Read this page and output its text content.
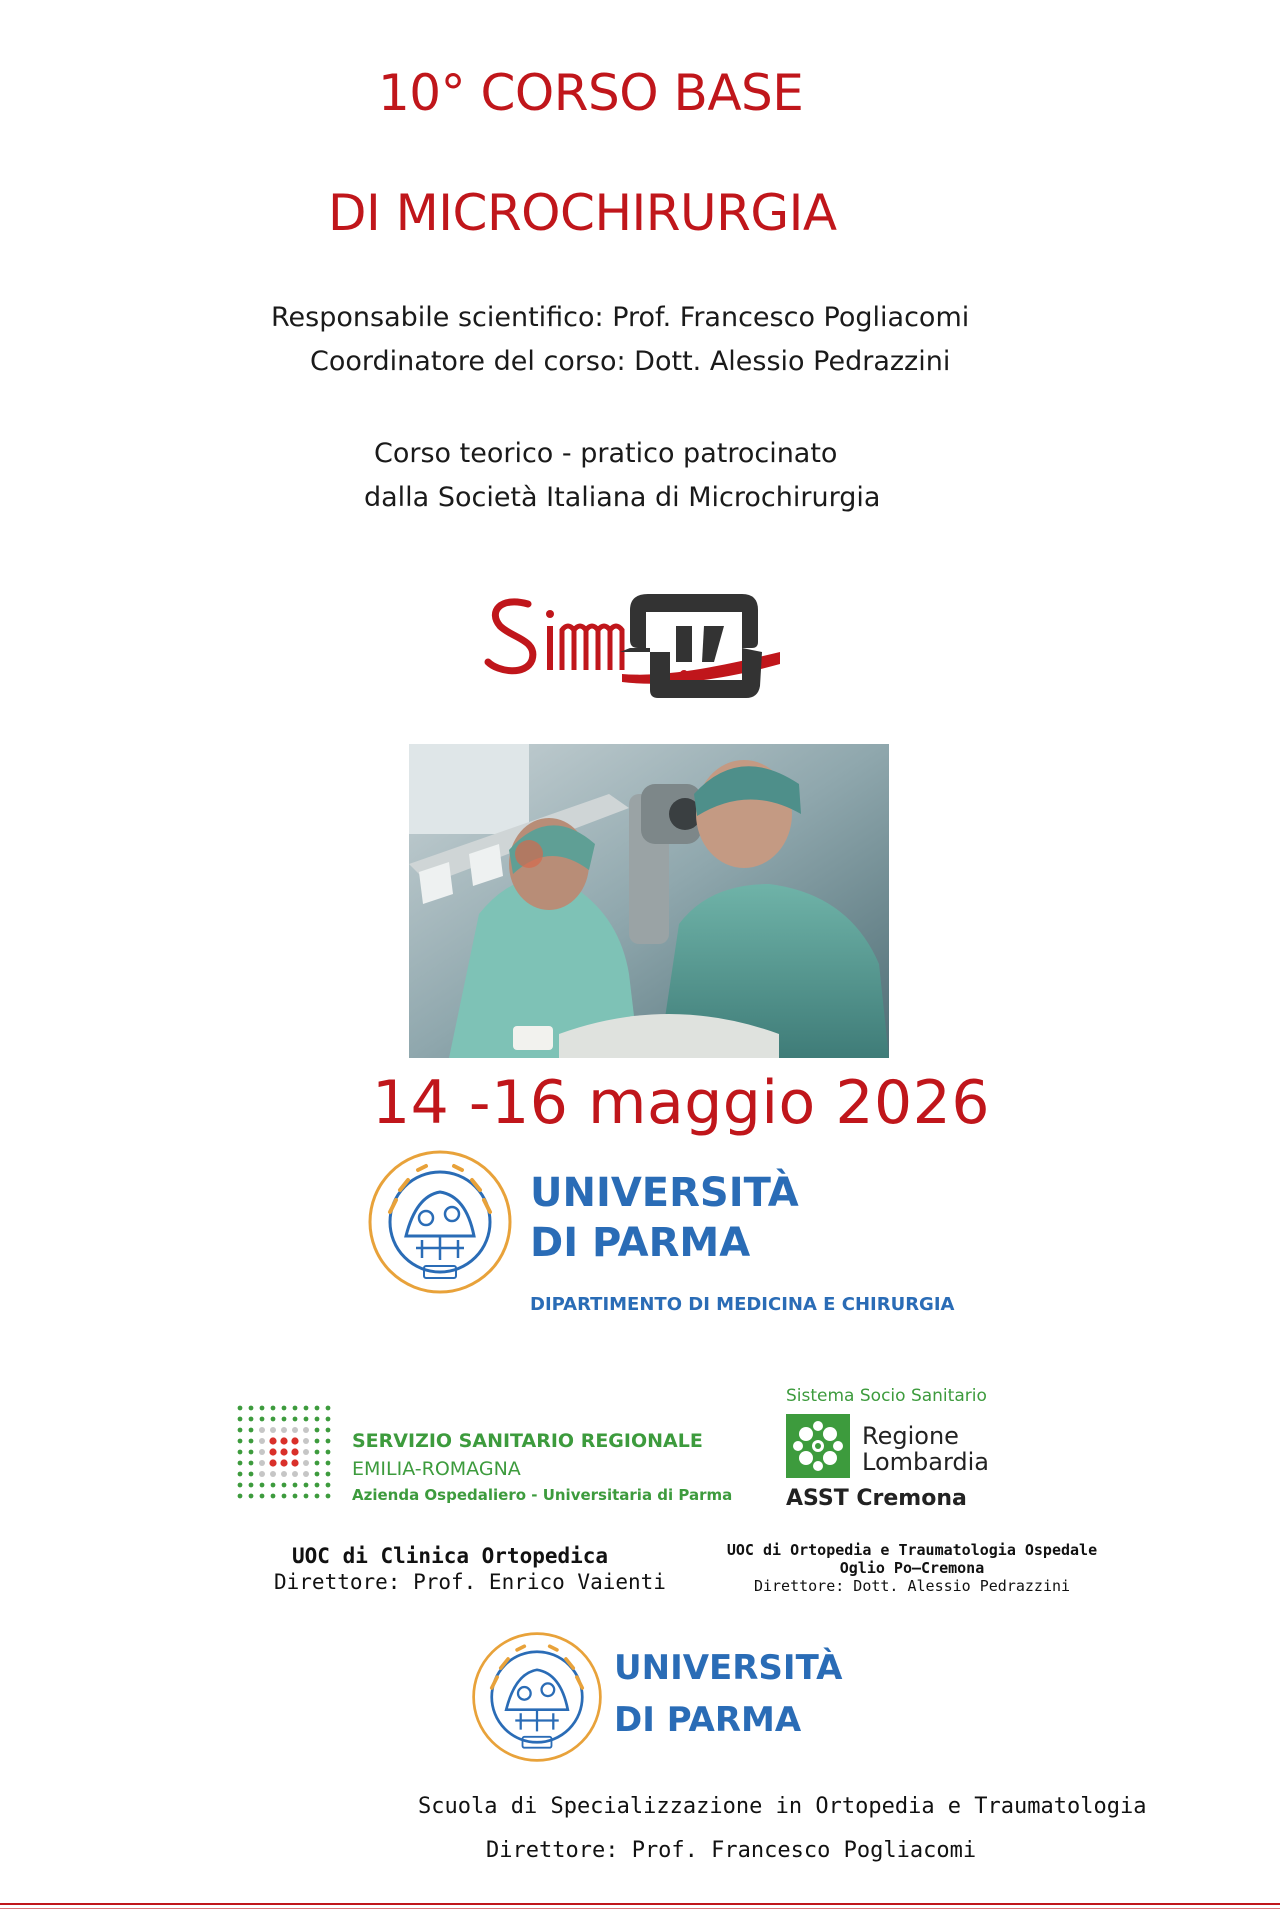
10° CORSO BASE
DI MICROCHIRURGIA
Responsabile scientifico: Prof. Francesco Pogliacomi
Coordinatore del corso: Dott. Alessio Pedrazzini
Corso teorico - pratico patrocinato
dalla Società Italiana di Microchirurgia
14 -16 maggio 2026
UNIVERSITÀ
DI PARMA
DIPARTIMENTO DI MEDICINA E CHIRURGIA
SERVIZIO SANITARIO REGIONALE
EMILIA-ROMAGNA
Azienda Ospedaliero - Universitaria di Parma
Sistema Socio Sanitario
Regione
Lombardia
ASST Cremona
UOC di Clinica Ortopedica
Direttore: Prof. Enrico Vaienti
UOC di Ortopedia e Traumatologia Ospedale
Oglio Po—Cremona
Direttore: Dott. Alessio Pedrazzini
UNIVERSITÀ
DI PARMA
Scuola di Specializzazione in Ortopedia e Traumatologia
Direttore: Prof. Francesco Pogliacomi
